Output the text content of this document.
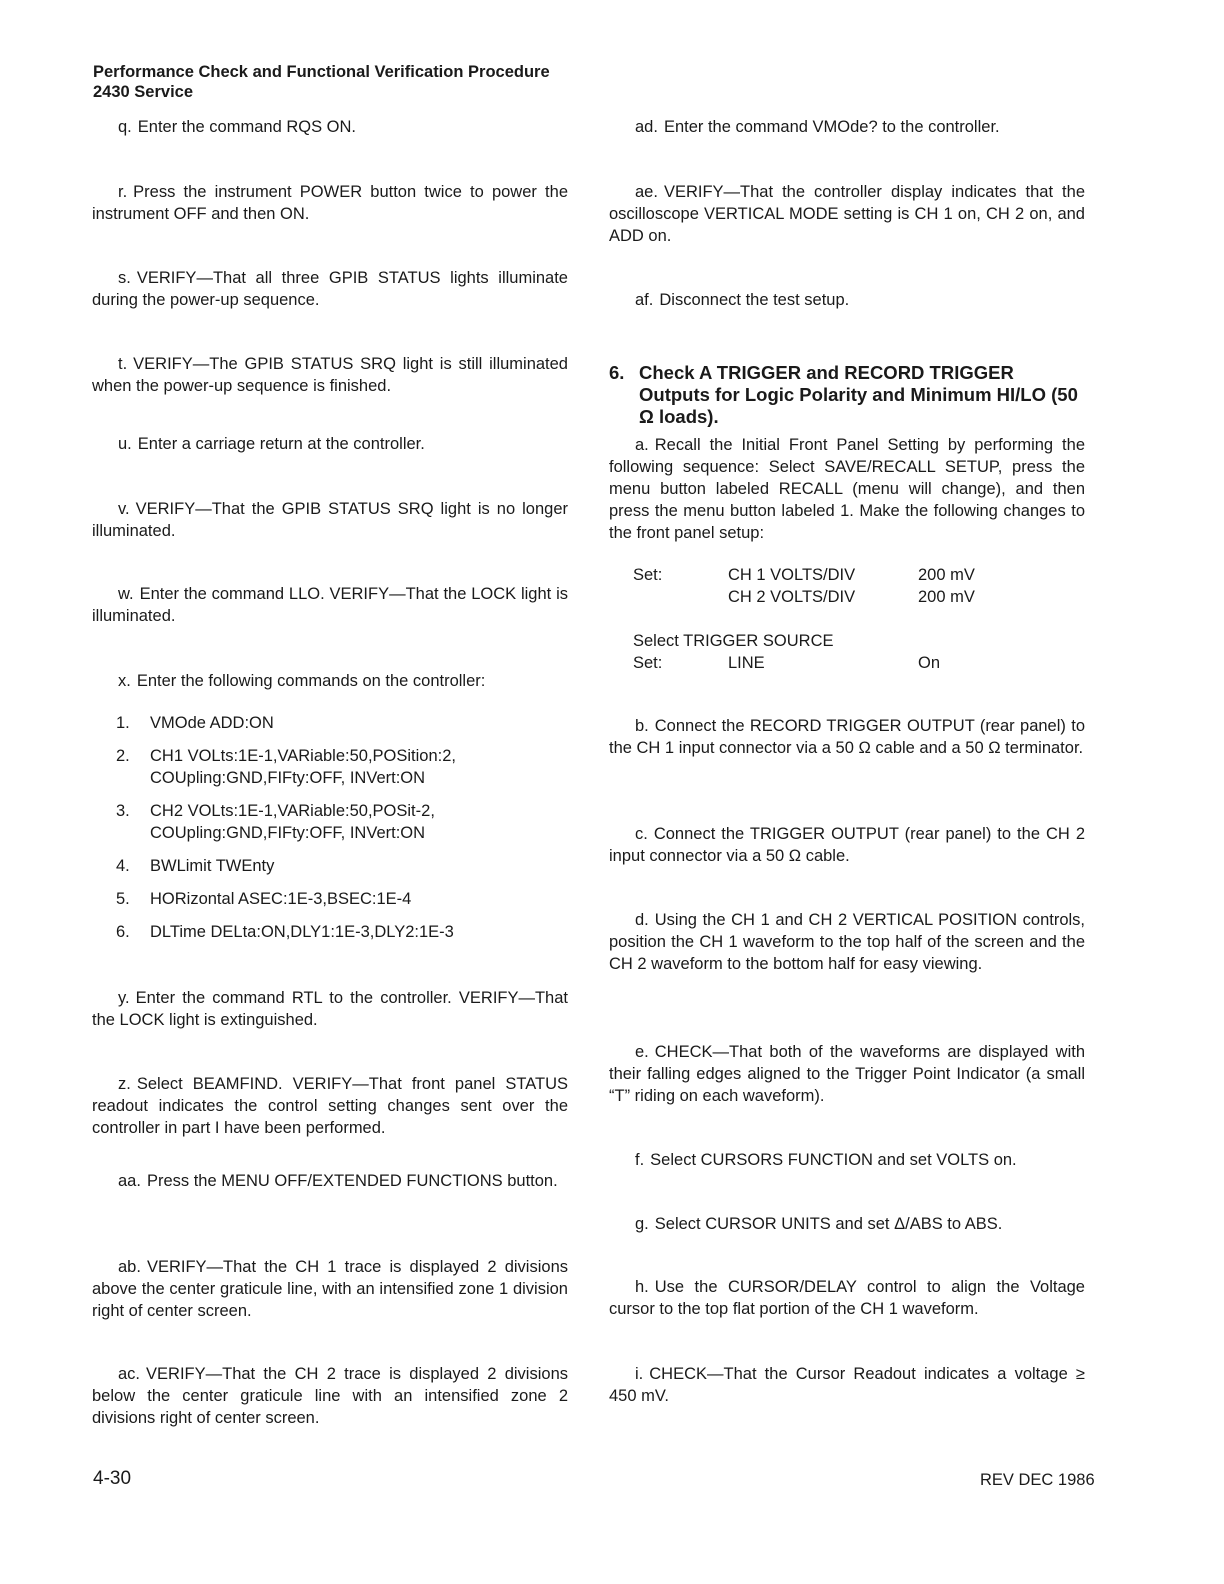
Performance Check and Functional Verification Procedure
2430 Service

q. Enter the command RQS ON.

r. Press the instrument POWER button twice to power the instrument OFF and then ON.

s. VERIFY—That all three GPIB STATUS lights illuminate during the power-up sequence.

t. VERIFY—The GPIB STATUS SRQ light is still illuminated when the power-up sequence is finished.

u. Enter a carriage return at the controller.

v. VERIFY—That the GPIB STATUS SRQ light is no longer illuminated.

w. Enter the command LLO. VERIFY—That the LOCK light is illuminated.

x. Enter the following commands on the controller:

1. VMOde ADD:ON
2. CH1 VOLts:1E-1,VARiable:50,POSition:2, COUpling:GND,FIFty:OFF, INVert:ON
3. CH2 VOLts:1E-1,VARiable:50,POSit-2, COUpling:GND,FIFty:OFF, INVert:ON
4. BWLimit TWEnty
5. HORizontal ASEC:1E-3,BSEC:1E-4
6. DLTime DELta:ON,DLY1:1E-3,DLY2:1E-3

y. Enter the command RTL to the controller. VERIFY—That the LOCK light is extinguished.

z. Select BEAMFIND. VERIFY—That front panel STATUS readout indicates the control setting changes sent over the controller in part I have been performed.

aa. Press the MENU OFF/EXTENDED FUNCTIONS button.

ab. VERIFY—That the CH 1 trace is displayed 2 divisions above the center graticule line, with an intensified zone 1 division right of center screen.

ac. VERIFY—That the CH 2 trace is displayed 2 divisions below the center graticule line with an intensified zone 2 divisions right of center screen.

ad. Enter the command VMOde? to the controller.

ae. VERIFY—That the controller display indicates that the oscilloscope VERTICAL MODE setting is CH 1 on, CH 2 on, and ADD on.

af. Disconnect the test setup.

6. Check A TRIGGER and RECORD TRIGGER Outputs for Logic Polarity and Minimum HI/LO (50 Ω loads).

a. Recall the Initial Front Panel Setting by performing the following sequence: Select SAVE/RECALL SETUP, press the menu button labeled RECALL (menu will change), and then press the menu button labeled 1. Make the following changes to the front panel setup:

Set:	CH 1 VOLTS/DIV	200 mV
	CH 2 VOLTS/DIV	200 mV

Select TRIGGER SOURCE		
Set:	LINE	On

b. Connect the RECORD TRIGGER OUTPUT (rear panel) to the CH 1 input connector via a 50 Ω cable and a 50 Ω terminator.

c. Connect the TRIGGER OUTPUT (rear panel) to the CH 2 input connector via a 50 Ω cable.

d. Using the CH 1 and CH 2 VERTICAL POSITION controls, position the CH 1 waveform to the top half of the screen and the CH 2 waveform to the bottom half for easy viewing.

e. CHECK—That both of the waveforms are displayed with their falling edges aligned to the Trigger Point Indicator (a small “T” riding on each waveform).

f. Select CURSORS FUNCTION and set VOLTS on.

g. Select CURSOR UNITS and set Δ/ABS to ABS.

h. Use the CURSOR/DELAY control to align the Voltage cursor to the top flat portion of the CH 1 waveform.

i. CHECK—That the Cursor Readout indicates a voltage ≥ 450 mV.

4-30	REV DEC 1986
